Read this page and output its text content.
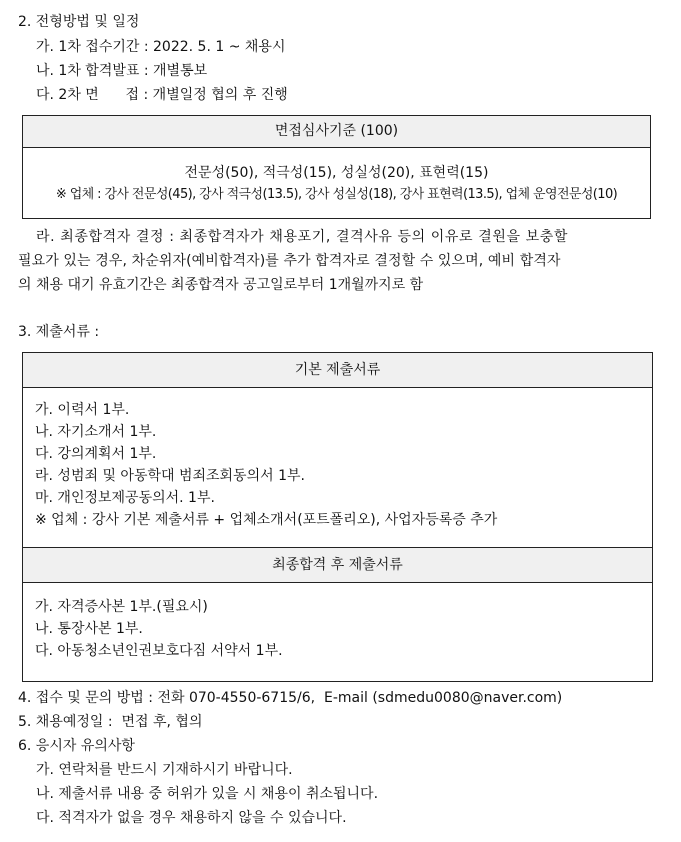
2. 전형방법 및 일정
가. 1차 접수기간 : 2022. 5. 1 ~ 채용시
나. 1차 합격발표 : 개별통보
다. 2차 면      접 : 개별일정 협의 후 진행
면접심사기준 (100)
전문성(50), 적극성(15), 성실성(20), 표현력(15)
※ 업체 : 강사 전문성(45), 강사 적극성(13.5), 강사 성실성(18), 강사 표현력(13.5), 업체 운영전문성(10)
라. 최종합격자 결정 : 최종합격자가 채용포기, 결격사유 등의 이유로 결원을 보충할
필요가 있는 경우, 차순위자(예비합격자)를 추가 합격자로 결정할 수 있으며, 예비 합격자
의 채용 대기 유효기간은 최종합격자 공고일로부터 1개월까지로 함
3. 제출서류 :
기본 제출서류
가. 이력서 1부.
나. 자기소개서 1부.
다. 강의계획서 1부.
라. 성범죄 및 아동학대 범죄조회동의서 1부.
마. 개인정보제공동의서. 1부.
※ 업체 : 강사 기본 제출서류 + 업체소개서(포트폴리오), 사업자등록증 추가
최종합격 후 제출서류
가. 자격증사본 1부.(필요시)
나. 통장사본 1부.
다. 아동청소년인권보호다짐 서약서 1부.
4. 접수 및 문의 방법 : 전화 070-4550-6715/6,  E-mail (sdmedu0080@naver.com)
5. 채용예정일 :  면접 후, 협의
6. 응시자 유의사항
가. 연락처를 반드시 기재하시기 바랍니다.
나. 제출서류 내용 중 허위가 있을 시 채용이 취소됩니다.
다. 적격자가 없을 경우 채용하지 않을 수 있습니다.
